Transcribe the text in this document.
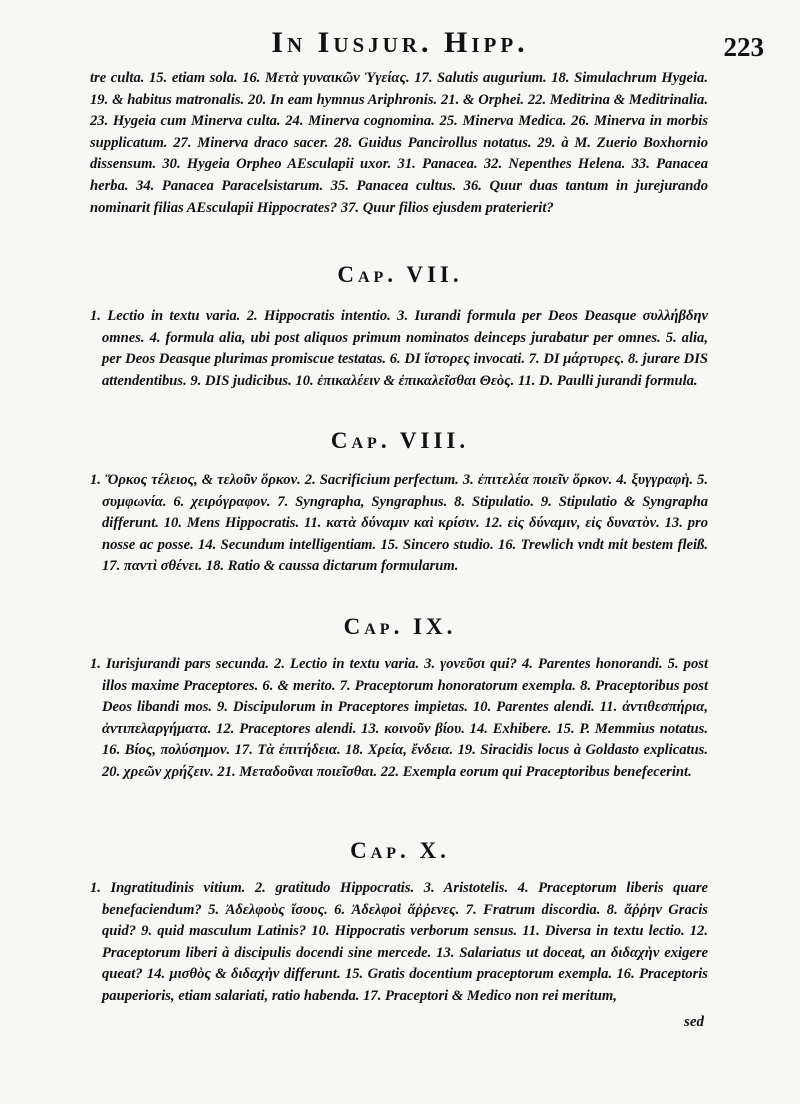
In Iusjur. Hipp.	223

tre culta. 15. etiam sola. 16. Μετὰ γυναικῶν Ὑγείας. 17. Salutis augurium. 18. Simulachrum Hygeia. 19. & habitus matronalis. 20. In eam hymnus Ariphronis. 21. & Orphei. 22. Meditrina & Meditrinalia. 23. Hygeia cum Minerva culta. 24. Minerva cognomina. 25. Minerva Medica. 26. Minerva in morbis supplicatum. 27. Minerva draco sacer. 28. Guidus Pancirollus notatus. 29. à M. Zuerio Boxhornio dissensum. 30. Hygeia Orpheo AEsculapii uxor. 31. Panacea. 32. Nepenthes Helena. 33. Panacea herba. 34. Panacea Paracelsistarum. 35. Panacea cultus. 36. Quur duas tantum in jurejurando nominarit filias AEsculapii Hippocrates? 37. Quur filios ejusdem praterierit?

Cap. VII.

1. Lectio in textu varia. 2. Hippocratis intentio. 3. Iurandi formula per Deos Deasque συλλήβδην omnes. 4. formula alia, ubi post aliquos primum nominatos deinceps jurabatur per omnes. 5. alia, per Deos Deasque plurimas promiscue testatas. 6. DI ἵστορες invocati. 7. DI μάρτυρες. 8. jurare DIS attendentibus. 9. DIS judicibus. 10. ἐπικαλέειν & ἐπικαλεῖσθαι Θεὸς. 11. D. Paulli jurandi formula.

Cap. VIII.

1. Ὅρκος τέλειος, & τελοῦν ὅρκον. 2. Sacrificium perfectum. 3. ἐπιτελέα ποιεῖν ὅρκον. 4. ξυγγραφὴ. 5. συμφωνία. 6. χειρόγραφον. 7. Syngrapha, Syngraphus. 8. Stipulatio. 9. Stipulatio & Syngrapha differunt. 10. Mens Hippocratis. 11. κατὰ δύναμιν καὶ κρίσιν. 12. εἰς δύναμιν, εἰς δυνατὸν. 13. pro nosse ac posse. 14. Secundum intelligentiam. 15. Sincero studio. 16. Trewlich vndt mit bestem fleiß. 17. παντὶ σθένει. 18. Ratio & caussa dictarum formularum.

Cap. IX.

1. Iurisjurandi pars secunda. 2. Lectio in textu varia. 3. γονεῦσι qui? 4. Parentes honorandi. 5. post illos maxime Praceptores. 6. & merito. 7. Praceptorum honoratorum exempla. 8. Praceptoribus post Deos libandi mos. 9. Discipulorum in Praceptores impietas. 10. Parentes alendi. 11. ἀντιθεσπήρια, ἀντιπελαργήματα. 12. Praceptores alendi. 13. κοινοῦν βίου. 14. Exhibere. 15. P. Memmius notatus. 16. Βίος, πολύσημον. 17. Τὰ ἐπιτήδεια. 18. Χρεία, ἔνδεια. 19. Siracidis locus à Goldasto explicatus. 20. χρεῶν χρήζειν. 21. Μεταδοῦναι ποιεῖσθαι. 22. Exempla eorum qui Praceptoribus benefecerint.

Cap. X.

1. Ingratitudinis vitium. 2. gratitudo Hippocratis. 3. Aristotelis. 4. Praceptorum liberis quare benefaciendum? 5. Ἀδελφοὺς ἴσους. 6. Ἀδελφοὶ ἄῤῥενες. 7. Fratrum discordia. 8. ἄῤῥην Gracis quid? 9. quid masculum Latinis? 10. Hippocratis verborum sensus. 11. Diversa in textu lectio. 12. Praceptorum liberi à discipulis docendi sine mercede. 13. Salariatus ut doceat, an διδαχὴν exigere queat? 14. μισθὸς & διδαχὴν differunt. 15. Gratis docentium praceptorum exempla. 16. Praceptoris pauperioris, etiam salariati, ratio habenda. 17. Praceptori & Medico non rei meritum,

sed
